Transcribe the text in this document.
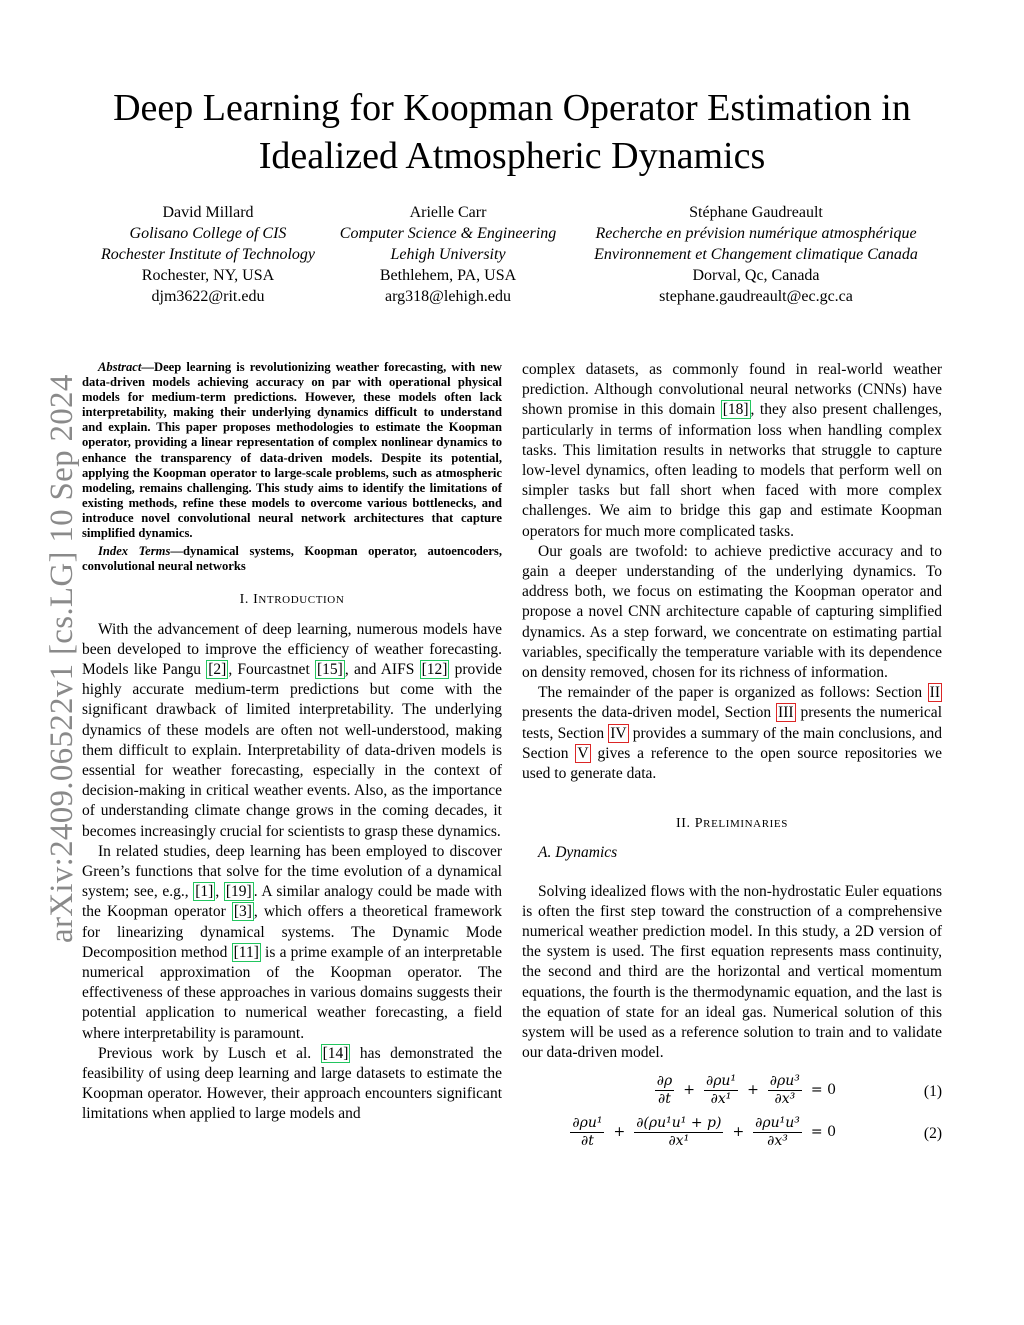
arXiv:2409.06522v1 [cs.LG] 10 Sep 2024
Deep Learning for Koopman Operator Estimation in Idealized Atmospheric Dynamics
David Millard
Golisano College of CIS
Rochester Institute of Technology
Rochester, NY, USA
djm3622@rit.edu
Arielle Carr
Computer Science & Engineering
Lehigh University
Bethlehem, PA, USA
arg318@lehigh.edu
Stéphane Gaudreault
Recherche en prévision numérique atmosphérique
Environnement et Changement climatique Canada
Dorval, Qc, Canada
stephane.gaudreault@ec.gc.ca

Abstract—Deep learning is revolutionizing weather forecasting, with new data-driven models achieving accuracy on par with operational physical models for medium-term predictions. However, these models often lack interpretability, making their underlying dynamics difficult to understand and explain. This paper proposes methodologies to estimate the Koopman operator, providing a linear representation of complex nonlinear dynamics to enhance the transparency of data-driven models. Despite its potential, applying the Koopman operator to large-scale problems, such as atmospheric modeling, remains challenging. This study aims to identify the limitations of existing methods, refine these models to overcome various bottlenecks, and introduce novel convolutional neural network architectures that capture simplified dynamics.

Index Terms—dynamical systems, Koopman operator, autoencoders, convolutional neural networks

I. INTRODUCTION

With the advancement of deep learning, numerous models have been developed to improve the efficiency of weather forecasting. Models like Pangu [2] , Fourcastnet [15] , and AIFS [12] provide highly accurate medium-term predictions but come with the significant drawback of limited interpretability. The underlying dynamics of these models are often not well-understood, making them difficult to explain. Interpretability of data-driven models is essential for weather forecasting, especially in the context of decision-making in critical weather events. Also, as the importance of understanding climate change grows in the coming decades, it becomes increasingly crucial for scientists to grasp these dynamics.

In related studies, deep learning has been employed to discover Green’s functions that solve for the time evolution of a dynamical system; see, e.g., [1] , [19] . A similar analogy could be made with the Koopman operator [3] , which offers a theoretical framework for linearizing dynamical systems. The Dynamic Mode Decomposition method [11] is a prime example of an interpretable numerical approximation of the Koopman operator. The effectiveness of these approaches in various domains suggests their potential application to numerical weather forecasting, a field where interpretability is paramount.

Previous work by Lusch et al. [14] has demonstrated the feasibility of using deep learning and large datasets to estimate the Koopman operator. However, their approach encounters significant limitations when applied to large models and

complex datasets, as commonly found in real-world weather prediction. Although convolutional neural networks (CNNs) have shown promise in this domain [18] , they also present challenges, particularly in terms of information loss when handling complex tasks. This limitation results in networks that struggle to capture low-level dynamics, often leading to models that perform well on simpler tasks but fall short when faced with more complex challenges. We aim to bridge this gap and estimate Koopman operators for much more complicated tasks.

Our goals are twofold: to achieve predictive accuracy and to gain a deeper understanding of the underlying dynamics. To address both, we focus on estimating the Koopman operator and propose a novel CNN architecture capable of capturing simplified dynamics. As a step forward, we concentrate on estimating partial variables, specifically the temperature variable with its dependence on density removed, chosen for its richness of information.

The remainder of the paper is organized as follows: Section II presents the data-driven model, Section III presents the numerical tests, Section IV provides a summary of the main conclusions, and Section V gives a reference to the open source repositories we used to generate data.

II. PRELIMINARIES

A. Dynamics

Solving idealized flows with the non-hydrostatic Euler equations is often the first step toward the construction of a comprehensive numerical weather prediction model. In this study, a 2D version of the system is used. The first equation represents mass continuity, the second and third are the horizontal and vertical momentum equations, the fourth is the thermodynamic equation, and the last is the equation of state for an ideal gas. Numerical solution of this system will be used as a reference solution to train and to validate our data-driven model.

$\frac{\partial\rho}{\partial t} + \frac{\text{∂ρu¹}}{\text{∂x¹}} + \frac{\text{∂ρu³}}{\text{∂x³}} = 0$	(1)
$\frac{\text{∂ρu¹}}{\partial t} + \frac{\text{∂(ρu¹u¹ + p)}}{\text{∂x¹}} + \frac{\text{∂ρu¹u³}}{\text{∂x³}} = 0$	(2)
